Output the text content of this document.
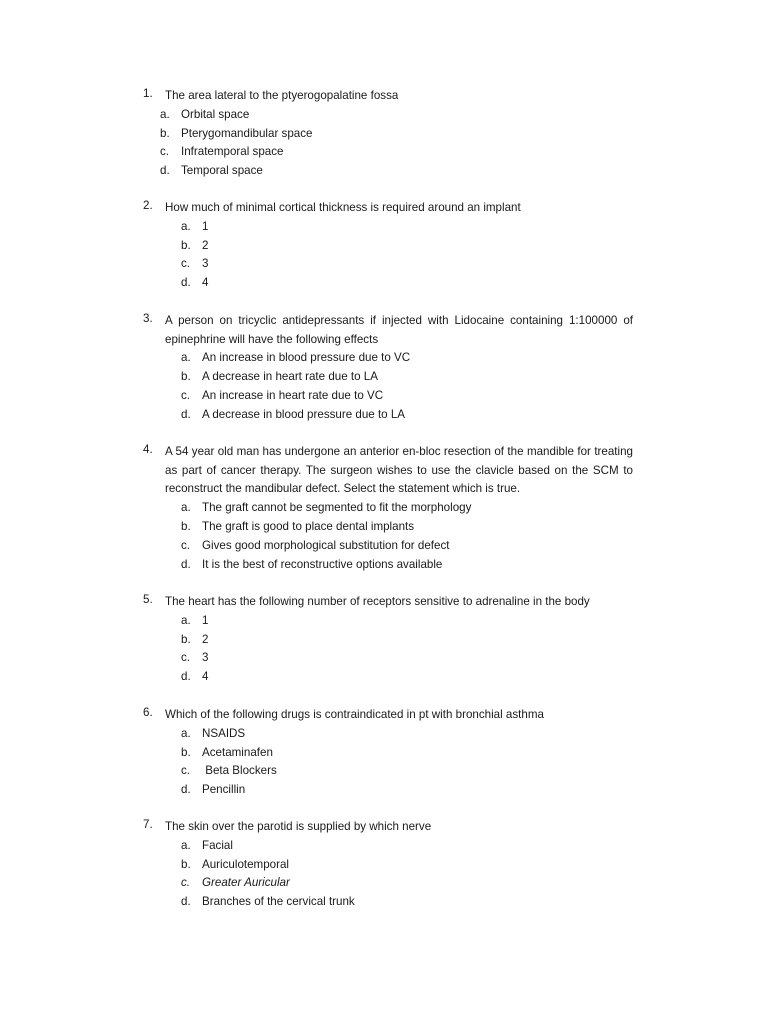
1. The area lateral to the ptyerogopalatine fossa
a. Orbital space
b. Pterygomandibular space
c. Infratemporal space
d. Temporal space
2. How much of minimal cortical thickness is required around an implant
a. 1
b. 2
c. 3
d. 4
3. A person on tricyclic antidepressants if injected with Lidocaine containing 1:100000 of epinephrine will have the following effects
a. An increase in blood pressure due to VC
b. A decrease in heart rate due to LA
c. An increase in heart rate due to VC
d. A decrease in blood pressure due to LA
4. A 54 year old man has undergone an anterior en-bloc resection of the mandible for treating as part of cancer therapy. The surgeon wishes to use the clavicle based on the SCM to reconstruct the mandibular defect. Select the statement which is true.
a. The graft cannot be segmented to fit the morphology
b. The graft is good to place dental implants
c. Gives good morphological substitution for defect
d. It is the best of reconstructive options available
5. The heart has the following number of receptors sensitive to adrenaline in the body
a. 1
b. 2
c. 3
d. 4
6. Which of the following drugs is contraindicated in pt with bronchial asthma
a. NSAIDS
b. Acetaminafen
c. Beta Blockers
d. Pencillin
7. The skin over the parotid is supplied by which nerve
a. Facial
b. Auriculotemporal
c. Greater Auricular
d. Branches of the cervical trunk
